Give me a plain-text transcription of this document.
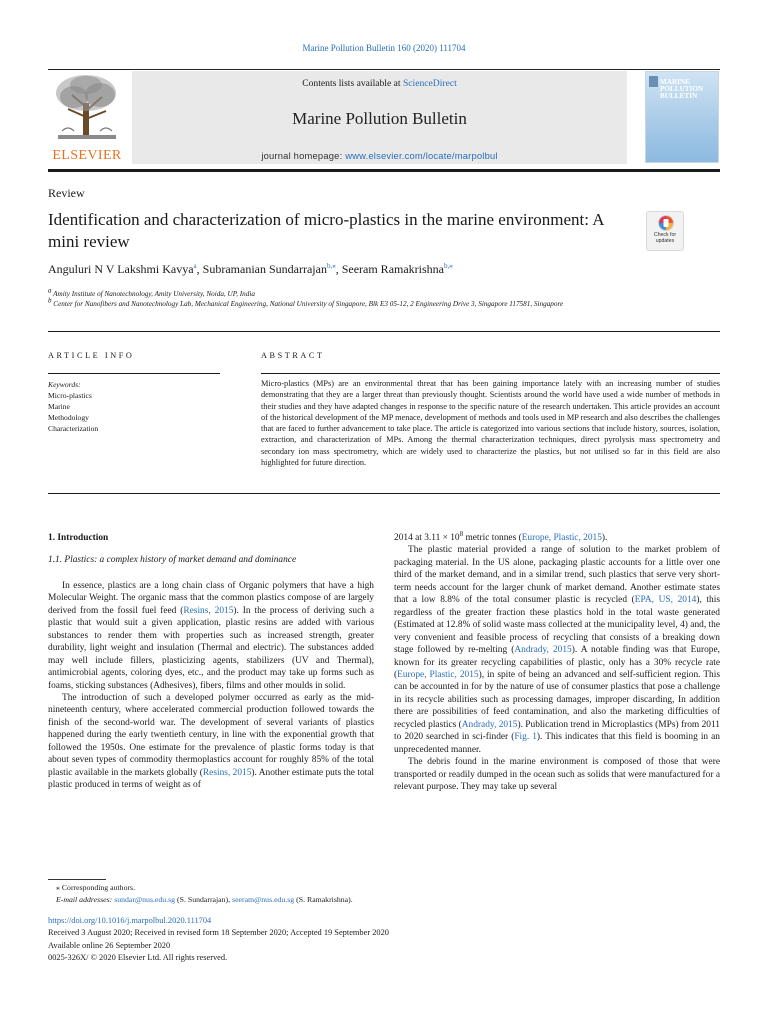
Marine Pollution Bulletin 160 (2020) 111704
ELSEVIER
Contents lists available at ScienceDirect
Marine Pollution Bulletin
journal homepage: www.elsevier.com/locate/marpolbul
MARINE POLLUTION BULLETIN
Review
Identification and characterization of micro-plastics in the marine environment: A mini review	Check for updates
Anguluri N V Lakshmi Kavya$^a$, Subramanian Sundarrajan$^{b,⁎}$, Seeram Ramakrishna$^{b,⁎}$
$^a$ Amity Institute of Nanotechnology, Amity University, Noida, UP, India
$^b$ Center for Nanofibers and Nanotechnology Lab, Mechanical Engineering, National University of Singapore, Blk E3 05-12, 2 Engineering Drive 3, Singapore 117581, Singapore
ARTICLE INFO	ABSTRACT
Keywords:
Micro-plastics
Marine
Methodology
Characterization
Micro-plastics (MPs) are an environmental threat that has been gaining importance lately with an increasing number of studies demonstrating that they are a larger threat than previously thought. Scientists around the world have used a wide number of methods in their studies and they have adapted changes in response to the specific nature of the research undertaken. This article provides an account of the historical development of the MP menace, development of methods and tools used in MP research and also describes the challenges that are faced to further advancement to take place. The article is categorized into various sections that include history, sources, isolation, extraction, and characterization of MPs. Among the thermal characterization techniques, direct pyrolysis mass spectrometry and secondary ion mass spectrometry, which are widely used to characterize the plastics, but not utilised so far in this field are also highlighted for future direction.
1. Introduction
1.1. Plastics: a complex history of market demand and dominance

In essence, plastics are a long chain class of Organic polymers that have a high Molecular Weight. The organic mass that the common plastics compose of are largely derived from the fossil fuel feed (Resins, 2015). In the process of deriving such a plastic that would suit a given application, plastic resins are added with various substances to render them with properties such as increased strength, greater durability, light weight and insulation (Thermal and electric). The substances added may well include fillers, plasticizing agents, stabilizers (UV and Thermal), antimicrobial agents, coloring dyes, etc., and the product may take up forms such as foams, sticking substances (Adhesives), fibers, films and other moulds in solid.

The introduction of such a developed polymer occurred as early as the mid-nineteenth century, where accelerated commercial production followed towards the finish of the second-world war. The development of several variants of plastics happened during the early twentieth century, in line with the exponential growth that followed the 1950s. One estimate for the prevalence of plastic forms today is that about seven types of commodity thermoplastics account for roughly 85% of the total plastic available in the markets globally (Resins, 2015). Another estimate puts the total plastic produced in terms of weight as of

2014 at $3.11 \times 10^8$ metric tonnes (Europe, Plastic, 2015).

The plastic material provided a range of solution to the market problem of packaging material. In the US alone, packaging plastic accounts for a little over one third of the market demand, and in a similar trend, such plastics that serve very short-term needs account for the larger chunk of market demand. Another estimate states that a low 8.8% of the total consumer plastic is recycled (EPA, US, 2014), this regardless of the greater fraction these plastics hold in the total waste generated (Estimated at 12.8% of solid waste mass collected at the municipality level, 4) and, the very convenient and feasible process of recycling that consists of a breaking down stage followed by re-melting (Andrady, 2015). A notable finding was that Europe, known for its greater recycling capabilities of plastic, only has a 30% recycle rate (Europe, Plastic, 2015), in spite of being an advanced and self-sufficient region. This can be accounted in for by the nature of use of consumer plastics that pose a challenge in its recycle abilities such as processing damages, improper discarding, In addition there are possibilities of feed contamination, and also the marketing difficulties of recycled plastics (Andrady, 2015). Publication trend in Microplastics (MPs) from 2011 to 2020 searched in sci-finder (Fig. 1). This indicates that this field is booming in an unprecedented manner.

The debris found in the marine environment is composed of those that were transported or readily dumped in the ocean such as solids that were manufactured for a relevant purpose. They may take up several

⁎ Corresponding authors.
E-mail addresses: sundar@nus.edu.sg (S. Sundarrajan), seeram@nus.edu.sg (S. Ramakrishna).
https://doi.org/10.1016/j.marpolbul.2020.111704
Received 3 August 2020; Received in revised form 18 September 2020; Accepted 19 September 2020
Available online 26 September 2020
0025-326X/ © 2020 Elsevier Ltd. All rights reserved.
